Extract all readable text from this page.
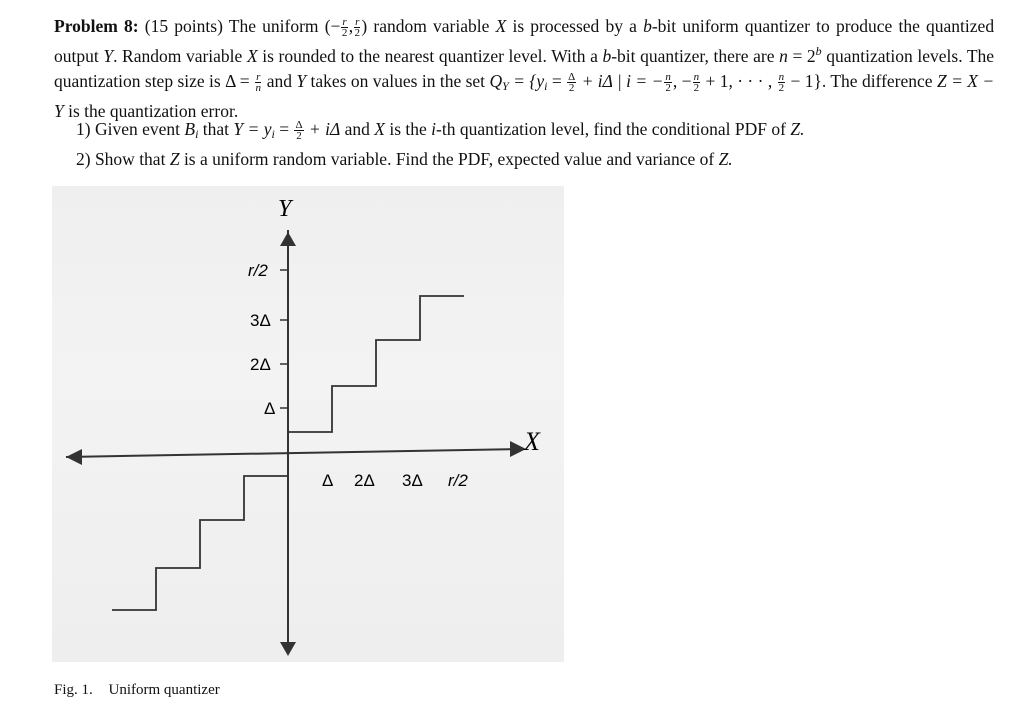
Problem 8: (15 points) The uniform (− $\frac{r}{2}$ , $\frac{r}{2}$ ) random variable X is processed by a b-bit uniform quantizer to produce the quantized output Y. Random variable X is rounded to the nearest quantizer level. With a b-bit quantizer, there are $n = 2^b$ quantization levels. The quantization step size is $\Delta = \frac{r}{n}$ and Y takes on values in the set $Q_Y = \{y_i = \frac{\Delta}{2} + i\Delta$ | i = − $\frac{n}{2}$ , − $\frac{n}{2} + 1$, · · · , $\frac{n}{2} - 1$}. The difference Z = X − Y is the quantization error.
1) Given event $B_i$ that $Y = y_i = \frac{\Delta}{2} + i\Delta$ and X is the i-th quantization level, find the conditional PDF of Z.
2) Show that Z is a uniform random variable. Find the PDF, expected value and variance of Z.
Y
X
r/2
3Δ
2Δ
Δ
Δ 2Δ 3Δ r/2
Fig. 1. Uniform quantizer
